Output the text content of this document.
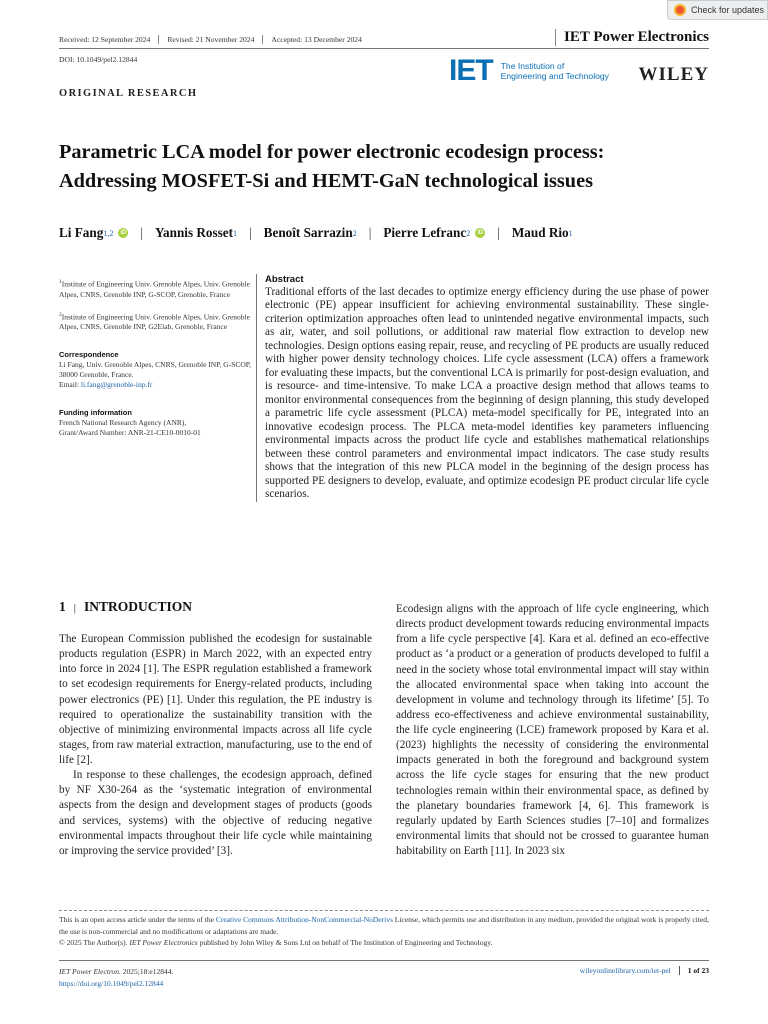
Check for updates
Received: 12 September 2024	Revised: 21 November 2024	Accepted: 13 December 2024	IET Power Electronics
DOI: 10.1049/pel2.12844	IET The Institution of
Engineering and Technology WILEY
ORIGINAL RESEARCH
Parametric LCA model for power electronic ecodesign process:
Addressing MOSFET-Si and HEMT-GaN technological issues
Li Fang 1,2	iD | Yannis Rosset 1 | Benoît Sarrazin 2 | Pierre Lefranc 2	iD | Maud Rio 1

$^1$Institute of Engineering Univ. Grenoble Alpes, Univ. Grenoble Alpes, CNRS, Grenoble INP, G-SCOP, Grenoble, France

$^2$Institute of Engineering Univ. Grenoble Alpes, Univ. Grenoble Alpes, CNRS, Grenoble INP, G2Elab, Grenoble, France

Correspondence
Li Fang, Univ. Grenoble Alpes, CNRS, Grenoble INP, G-SCOP, 38000 Grenoble, France.
Email: li.fang@grenoble-inp.fr
Funding information
French National Research Agency (ANR),
Grant/Award Number: ANR-21-CE10-0010-01
Abstract

Traditional efforts of the last decades to optimize energy efficiency during the use phase of power electronic (PE) appear insufficient for achieving environmental sustainability. These single-criterion optimization approaches often lead to unintended negative environmental impacts, such as air, water, and soil pollutions, or additional raw material flow extraction to develop new technologies. Design options easing repair, reuse, and recycling of PE products are usually reduced with higher power density technology choices. Life cycle assessment (LCA) offers a framework for evaluating these impacts, but the conventional LCA is primarily for post-design evaluation, and is resource- and time-intensive. To make LCA a proactive design method that allows teams to monitor environmental consequences from the beginning of design planning, this study developed a parametric life cycle assessment (PLCA) meta-model specifically for PE, integrated into an innovative ecodesign process. The PLCA meta-model identifies key parameters influencing environmental impacts across the product life cycle and establishes mathematical relationships between these control parameters and environmental impact indicators. The case study results shows that the integration of this new PLCA model in the beginning of the design process has supported PE designers to develop, evaluate, and optimize ecodesign PE product circular life cycle scenarios.

1 | INTRODUCTION

The European Commission published the ecodesign for sustainable products regulation (ESPR) in March 2022, with an expected entry into force in 2024 [1]. The ESPR regulation established a framework to set ecodesign requirements for Energy-related products, including power electronics (PE) [1]. Under this regulation, the PE industry is required to operationalize the sustainability transition with the objective of minimizing environmental impacts across all life cycle stages, from raw material extraction, manufacturing, use to the end of life [2].

In response to these challenges, the ecodesign approach, defined by NF X30-264 as the ‘systematic integration of environmental aspects from the design and development stages of products (goods and services, systems) with the objective of reducing negative environmental impacts throughout their life cycle while maintaining or improving the service provided’ [3].

Ecodesign aligns with the approach of life cycle engineering, which directs product development towards reducing environmental impacts from a life cycle perspective [4]. Kara et al. defined an eco-effective product as ‘a product or a generation of products developed to fulfil a need in the society whose total environmental impact will stay within the allocated environmental space when taking into account the development in volume and technology through its lifetime’ [5]. To address eco-effectiveness and achieve environmental sustainability, the life cycle engineering (LCE) framework proposed by Kara et al. (2023) highlights the necessity of considering the environmental impacts generated in both the foreground and background system across the life cycle stages for ensuring that the new product technologies remain within their environmental space, as defined by the planetary boundaries framework [4, 6]. This framework is regularly updated by Earth Sciences studies [7–10] and formalizes environmental limits that should not be crossed to guarantee human habitability on Earth [11]. In 2023 six

This is an open access article under the terms of the Creative Commons Attribution-NonCommercial-NoDerivs License, which permits use and distribution in any medium, provided the original work is properly cited, the use is non-commercial and no modifications or adaptations are made.
© 2025 The Author(s). IET Power Electronics published by John Wiley & Sons Ltd on behalf of The Institution of Engineering and Technology.
IET Power Electron. 2025;18:e12844.
https://doi.org/10.1049/pel2.12844
wileyonlinelibrary.com/iet-pel	1 of 23
